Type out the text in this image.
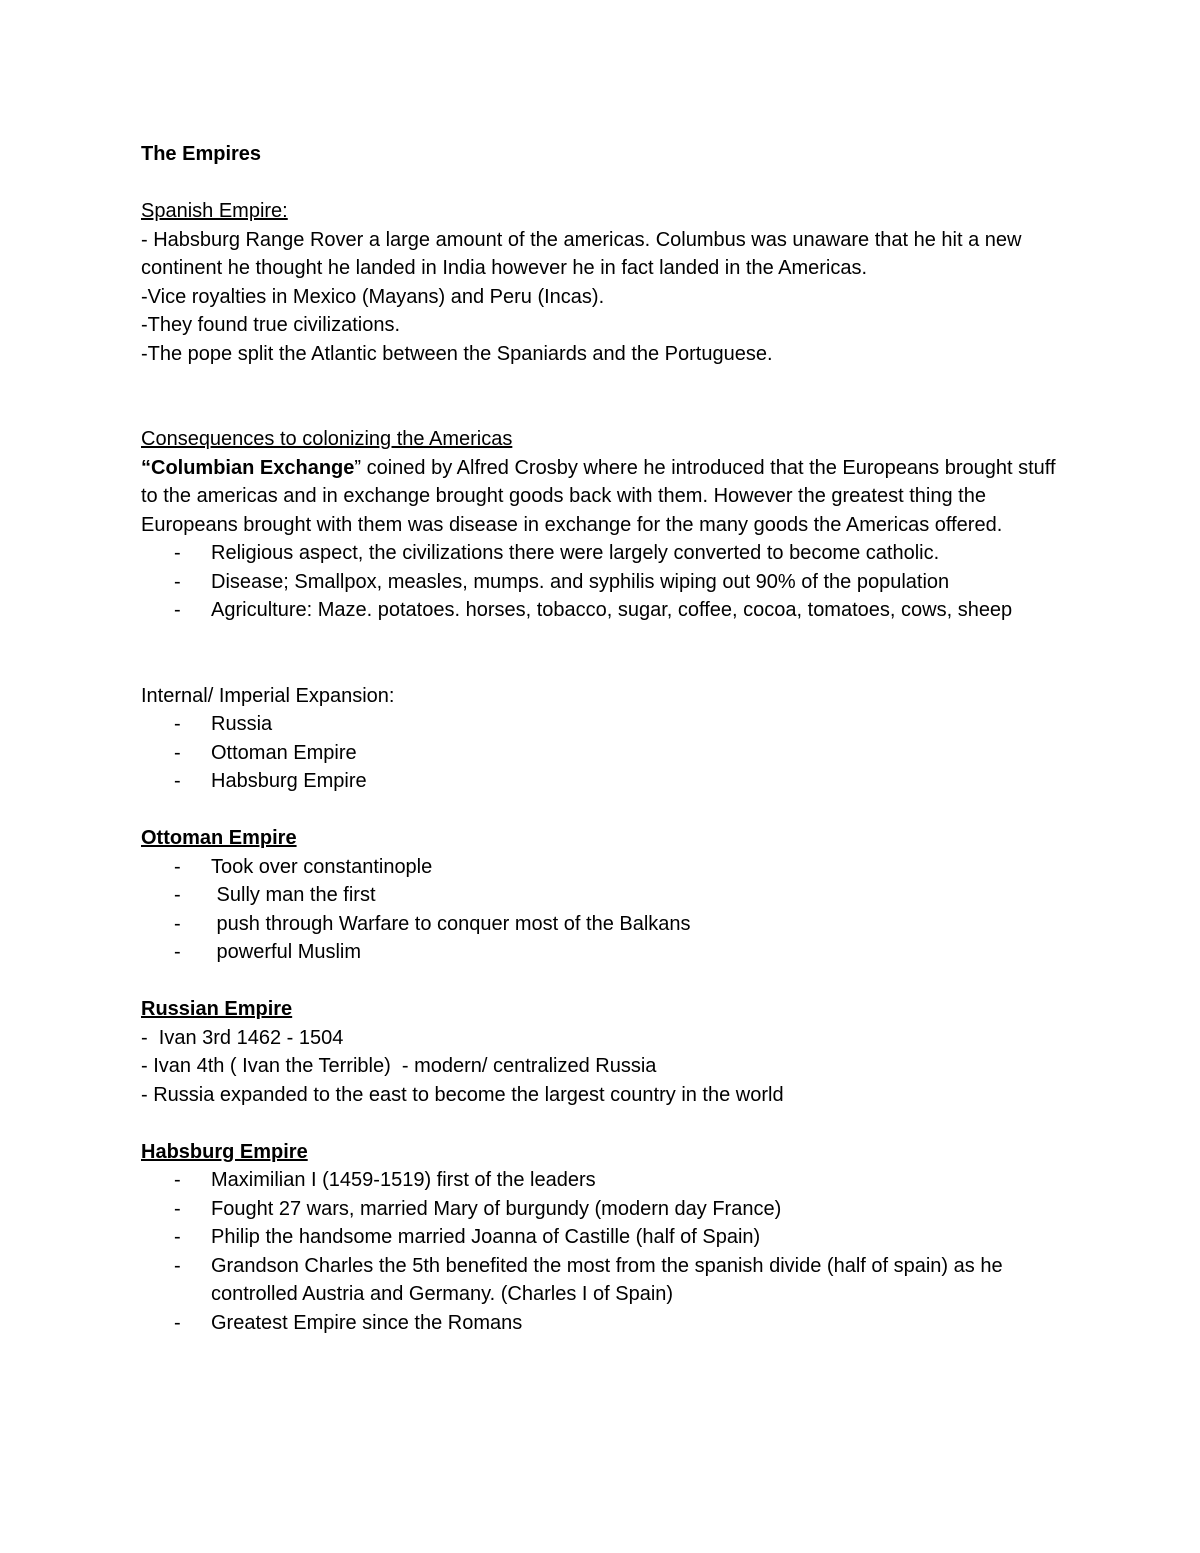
The Empires

Spanish Empire:

- Habsburg Range Rover a large amount of the americas. Columbus was unaware that he hit a new continent he thought he landed in India however he in fact landed in the Americas.

-Vice royalties in Mexico (Mayans) and Peru (Incas).

-They found true civilizations.

-The pope split the Atlantic between the Spaniards and the Portuguese.

Consequences to colonizing the Americas

“Columbian Exchange” coined by Alfred Crosby where he introduced that the Europeans brought stuff to the americas and in exchange brought goods back with them. However the greatest thing the Europeans brought with them was disease in exchange for the many goods the Americas offered.

- Religious aspect, the civilizations there were largely converted to become catholic.
- Disease; Smallpox, measles, mumps. and syphilis wiping out 90% of the population
- Agriculture: Maze. potatoes. horses, tobacco, sugar, coffee, cocoa, tomatoes, cows, sheep

Internal/ Imperial Expansion:

- Russia
- Ottoman Empire
- Habsburg Empire

Ottoman Empire

- Took over constantinople
- Sully man the first
- push through Warfare to conquer most of the Balkans
- powerful Muslim

Russian Empire

-  Ivan 3rd 1462 - 1504

- Ivan 4th ( Ivan the Terrible)  - modern/ centralized Russia

- Russia expanded to the east to become the largest country in the world

Habsburg Empire

- Maximilian I (1459-1519) first of the leaders
- Fought 27 wars, married Mary of burgundy (modern day France)
- Philip the handsome married Joanna of Castille (half of Spain)
- Grandson Charles the 5th benefited the most from the spanish divide (half of spain) as he controlled Austria and Germany. (Charles I of Spain)
- Greatest Empire since the Romans
